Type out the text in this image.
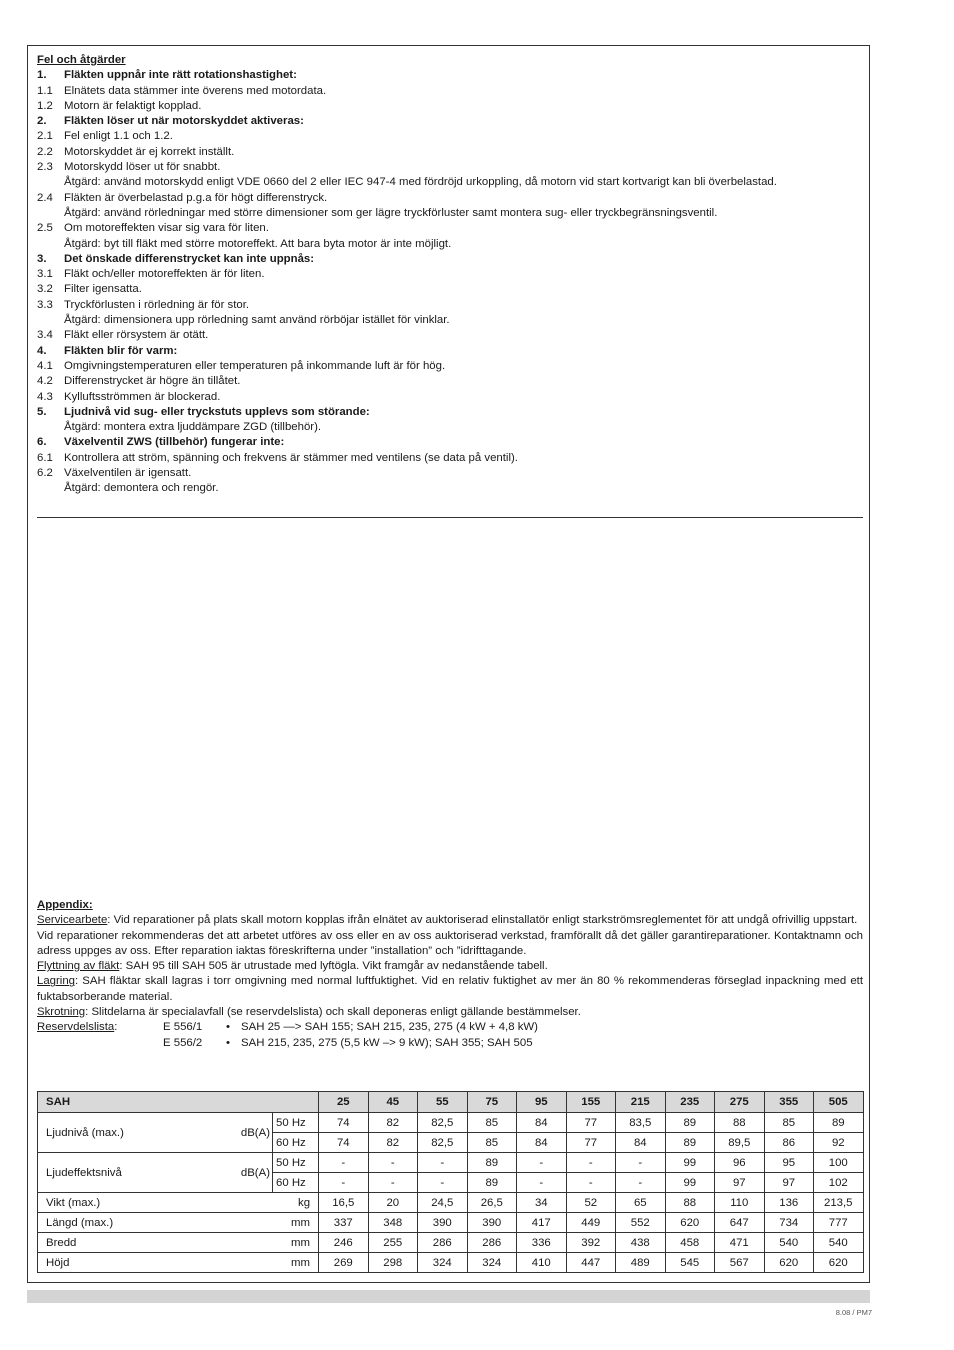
Fel och åtgärder
1.	Fläkten uppnår inte rätt rotationshastighet:
1.1 Elnätets data stämmer inte överens med motordata.
1.2 Motorn är felaktigt kopplad.
2.	Fläkten löser ut när motorskyddet aktiveras:
2.1 Fel enligt 1.1 och 1.2.
2.2 Motorskyddet är ej korrekt inställt.
2.3 Motorskydd löser ut för snabbt.
Åtgärd: använd motorskydd enligt VDE 0660 del 2 eller IEC 947-4 med fördröjd urkoppling, då motorn vid start kortvarigt kan bli överbelastad.
2.4 Fläkten är överbelastad p.g.a för högt differenstryck.
Åtgärd: använd rörledningar med större dimensioner som ger lägre tryckförluster samt montera sug- eller tryckbegränsningsventil.
2.5 Om motoreffekten visar sig vara för liten.
Åtgärd: byt till fläkt med större motoreffekt. Att bara byta motor är inte möjligt.
3.	Det önskade differenstrycket kan inte uppnås:
3.1 Fläkt och/eller motoreffekten är för liten.
3.2 Filter igensatta.
3.3 Tryckförlusten i rörledning är för stor.
Åtgärd: dimensionera upp rörledning samt använd rörböjar istället för vinklar.
3.4 Fläkt eller rörsystem är otätt.
4.	Fläkten blir för varm:
4.1 Omgivningstemperaturen eller temperaturen på inkommande luft är för hög.
4.2 Differenstrycket är högre än tillåtet.
4.3 Kylluftsströmmen är blockerad.
5.	Ljudnivå vid sug- eller tryckstuts upplevs som störande:
Åtgärd: montera extra ljuddämpare ZGD (tillbehör).
6.	Växelventil ZWS (tillbehör) fungerar inte:
6.1 Kontrollera att ström, spänning och frekvens är stämmer med ventilens (se data på ventil).
6.2 Växelventilen är igensatt.
Åtgärd: demontera och rengör.
Appendix:
Servicearbete: Vid reparationer på plats skall motorn kopplas ifrån elnätet av auktoriserad elinstallatör enligt starkströmsreglementet för att undgå ofrivillig uppstart.
Vid reparationer rekommenderas det att arbetet utföres av oss eller en av oss auktoriserad verkstad, framförallt då det gäller garantireparationer. Kontaktnamn och adress uppges av oss. Efter reparation iaktas föreskrifterna under ”installation” och ”idrifttagande.
Flyttning av fläkt: SAH 95 till SAH 505 är utrustade med lyftögla. Vikt framgår av nedanstående tabell.
Lagring: SAH fläktar skall lagras i torr omgivning med normal luftfuktighet. Vid en relativ fuktighet av mer än 80 % rekommenderas förseglad inpackning med ett fuktabsorberande material.
Skrotning: Slitdelarna är specialavfall (se reservdelslista) och skall deponeras enligt gällande bestämmelser.
Reservdelslista:	E 556/1	• SAH 25 —> SAH 155; SAH 215, 235, 275 (4 kW + 4,8 kW)
E 556/2	• SAH 215, 235, 275 (5,5 kW –> 9 kW); SAH 355; SAH 505
SAH			25	45	55	75	95	155	215	235	275	355	505
Ljudnivå (max.)	dB(A)	50 Hz	74	82	82,5	85	84	77	83,5	89	88	85	89
		60 Hz	74	82	82,5	85	84	77	84	89	89,5	86	92
Ljudeffektsnivå	dB(A)	50 Hz	-	-	-	89	-	-	-	99	96	95	100
		60 Hz	-	-	-	89	-	-	-	99	97	97	102
Vikt (max.)	kg		16,5	20	24,5	26,5	34	52	65	88	110	136	213,5
Längd (max.)	mm		337	348	390	390	417	449	552	620	647	734	777
Bredd	mm		246	255	286	286	336	392	438	458	471	540	540
Höjd	mm		269	298	324	324	410	447	489	545	567	620	620
8.08 / PM7
